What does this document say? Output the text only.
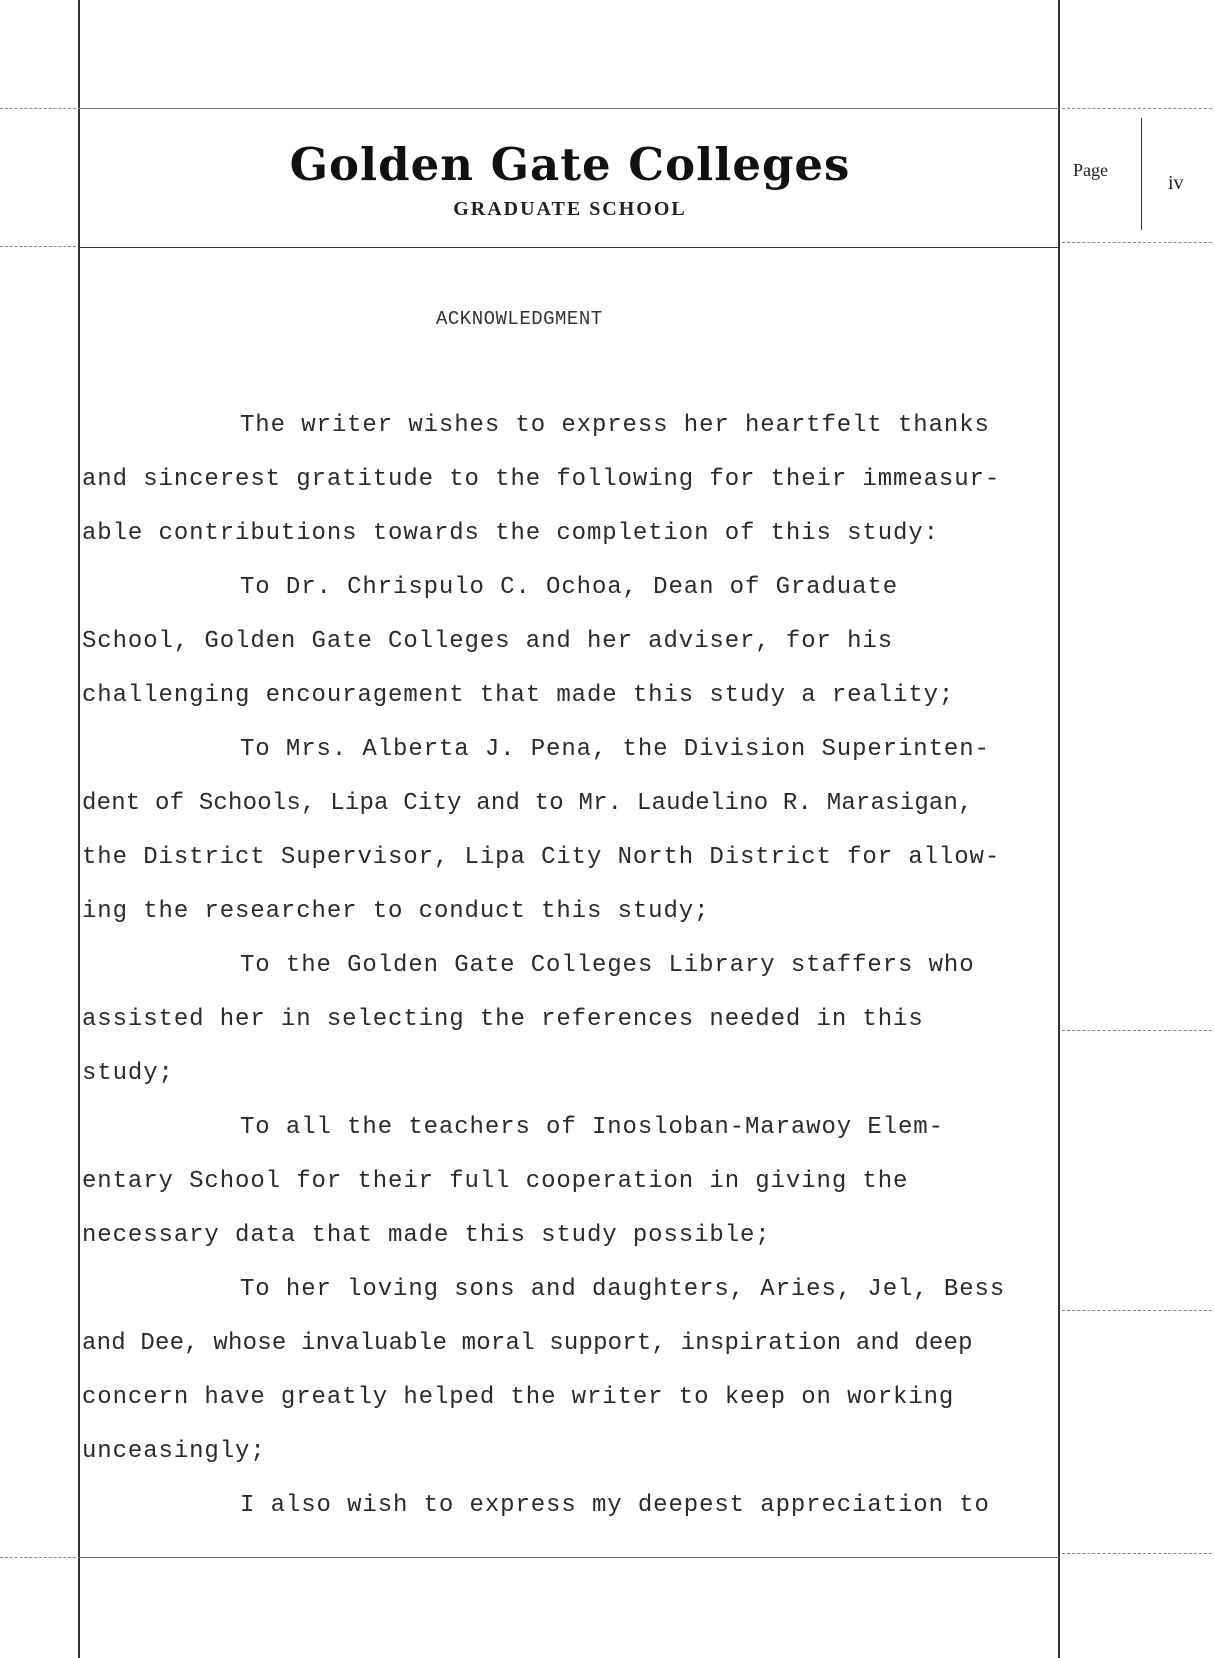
Golden Gate Colleges
GRADUATE SCHOOL
Page
iv
ACKNOWLEDGMENT
The writer wishes to express her heartfelt thanks
and sincerest gratitude to the following for their immeasur-
able contributions towards the completion of this study:
To Dr. Chrispulo C. Ochoa, Dean of Graduate
School, Golden Gate Colleges and her adviser, for his
challenging encouragement that made this study a reality;
To Mrs. Alberta J. Pena, the Division Superinten-
dent of Schools, Lipa City and to Mr. Laudelino R. Marasigan,
the District Supervisor, Lipa City North District for allow-
ing the researcher to conduct this study;
To the Golden Gate Colleges Library staffers who
assisted her in selecting the references needed in this
study;
To all the teachers of Inosloban-Marawoy Elem-
entary School for their full cooperation in giving the
necessary data that made this study possible;
To her loving sons and daughters, Aries, Jel, Bess
and Dee, whose invaluable moral support, inspiration and deep
concern have greatly helped the writer to keep on working
unceasingly;
I also wish to express my deepest appreciation to
